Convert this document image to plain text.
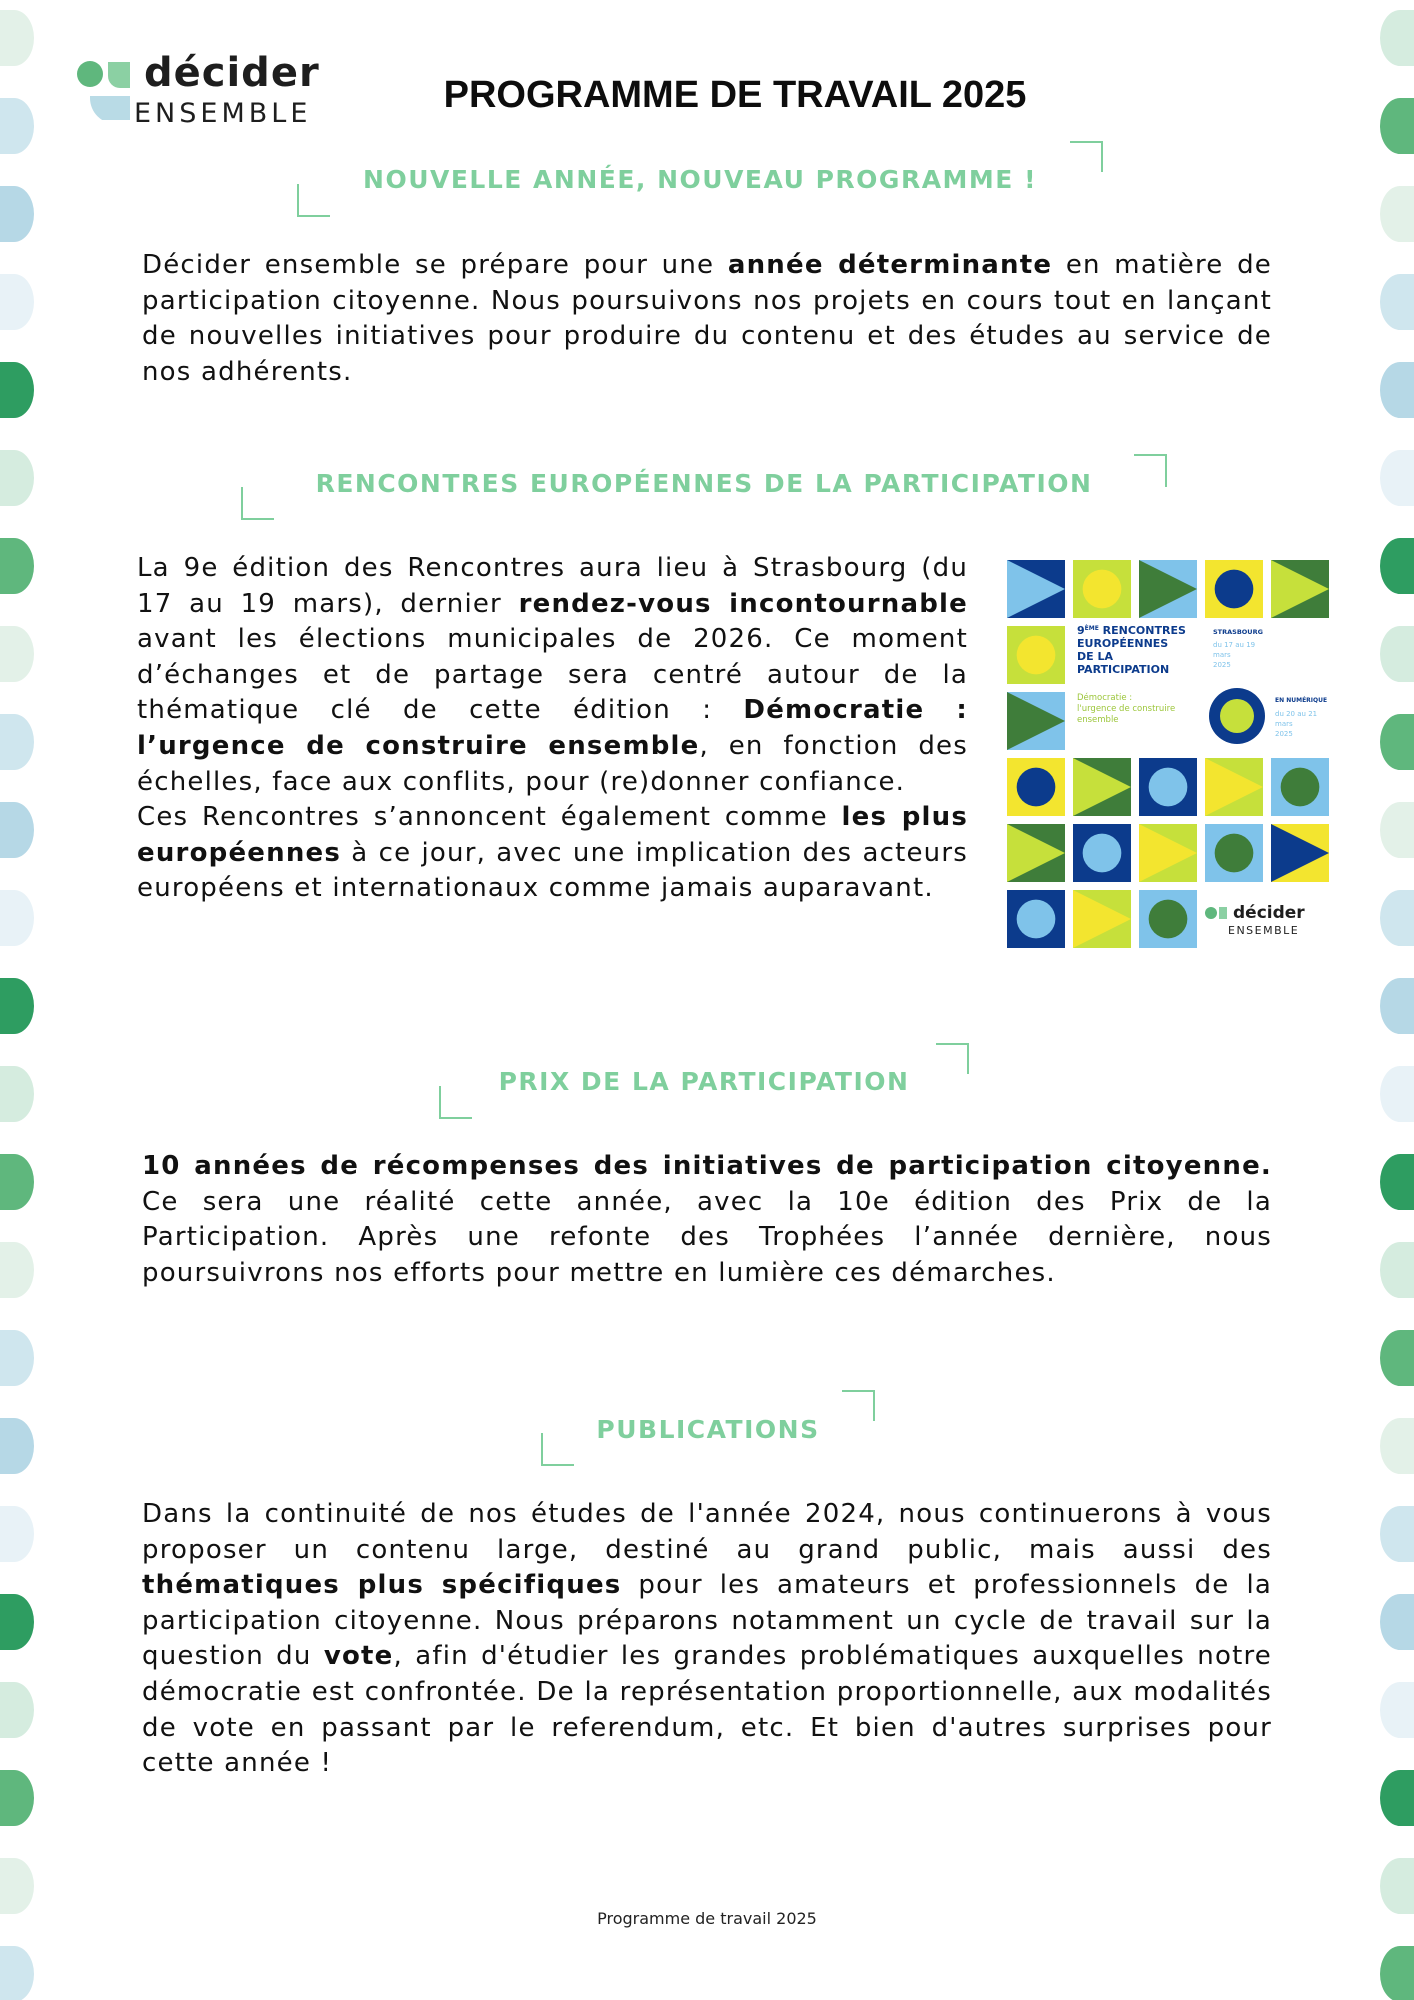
décider
ENSEMBLE	PROGRAMME DE TRAVAIL 2025
NOUVELLE ANNÉE, NOUVEAU PROGRAMME !

Décider ensemble se prépare pour une année déterminante en matière de participation citoyenne. Nous poursuivons nos projets en cours tout en lançant de nouvelles initiatives pour produire du contenu et des études au service de nos adhérents.

RENCONTRES EUROPÉENNES DE LA PARTICIPATION

La 9e édition des Rencontres aura lieu à Strasbourg (du 17 au 19 mars), dernier rendez-vous incontournable avant les élections municipales de 2026. Ce moment d’échanges et de partage sera centré autour de la thématique clé de cette édition : Démocratie : l’urgence de construire ensemble, en fonction des échelles, face aux conflits, pour (re)donner confiance.

Ces Rencontres s’annoncent également comme les plus européennes à ce jour, avec une implication des acteurs européens et internationaux comme jamais auparavant.

9ÈME RENCONTRES
EUROPÉENNES
DE LA
PARTICIPATION
Démocratie :
l'urgence de construire
ensemble
STRASBOURG
du 17 au 19
mars
2025
EN NUMÉRIQUE
du 20 au 21
mars
2025
décider
ENSEMBLE
PRIX DE LA PARTICIPATION

10 années de récompenses des initiatives de participation citoyenne. Ce sera une réalité cette année, avec la 10e édition des Prix de la Participation. Après une refonte des Trophées l’année dernière, nous poursuivrons nos efforts pour mettre en lumière ces démarches.

PUBLICATIONS

Dans la continuité de nos études de l'année 2024, nous continuerons à vous proposer un contenu large, destiné au grand public, mais aussi des thématiques plus spécifiques pour les amateurs et professionnels de la participation citoyenne. Nous préparons notamment un cycle de travail sur la question du vote, afin d'étudier les grandes problématiques auxquelles notre démocratie est confrontée. De la représentation proportionnelle, aux modalités de vote en passant par le referendum, etc. Et bien d'autres surprises pour cette année !

Programme de travail 2025
